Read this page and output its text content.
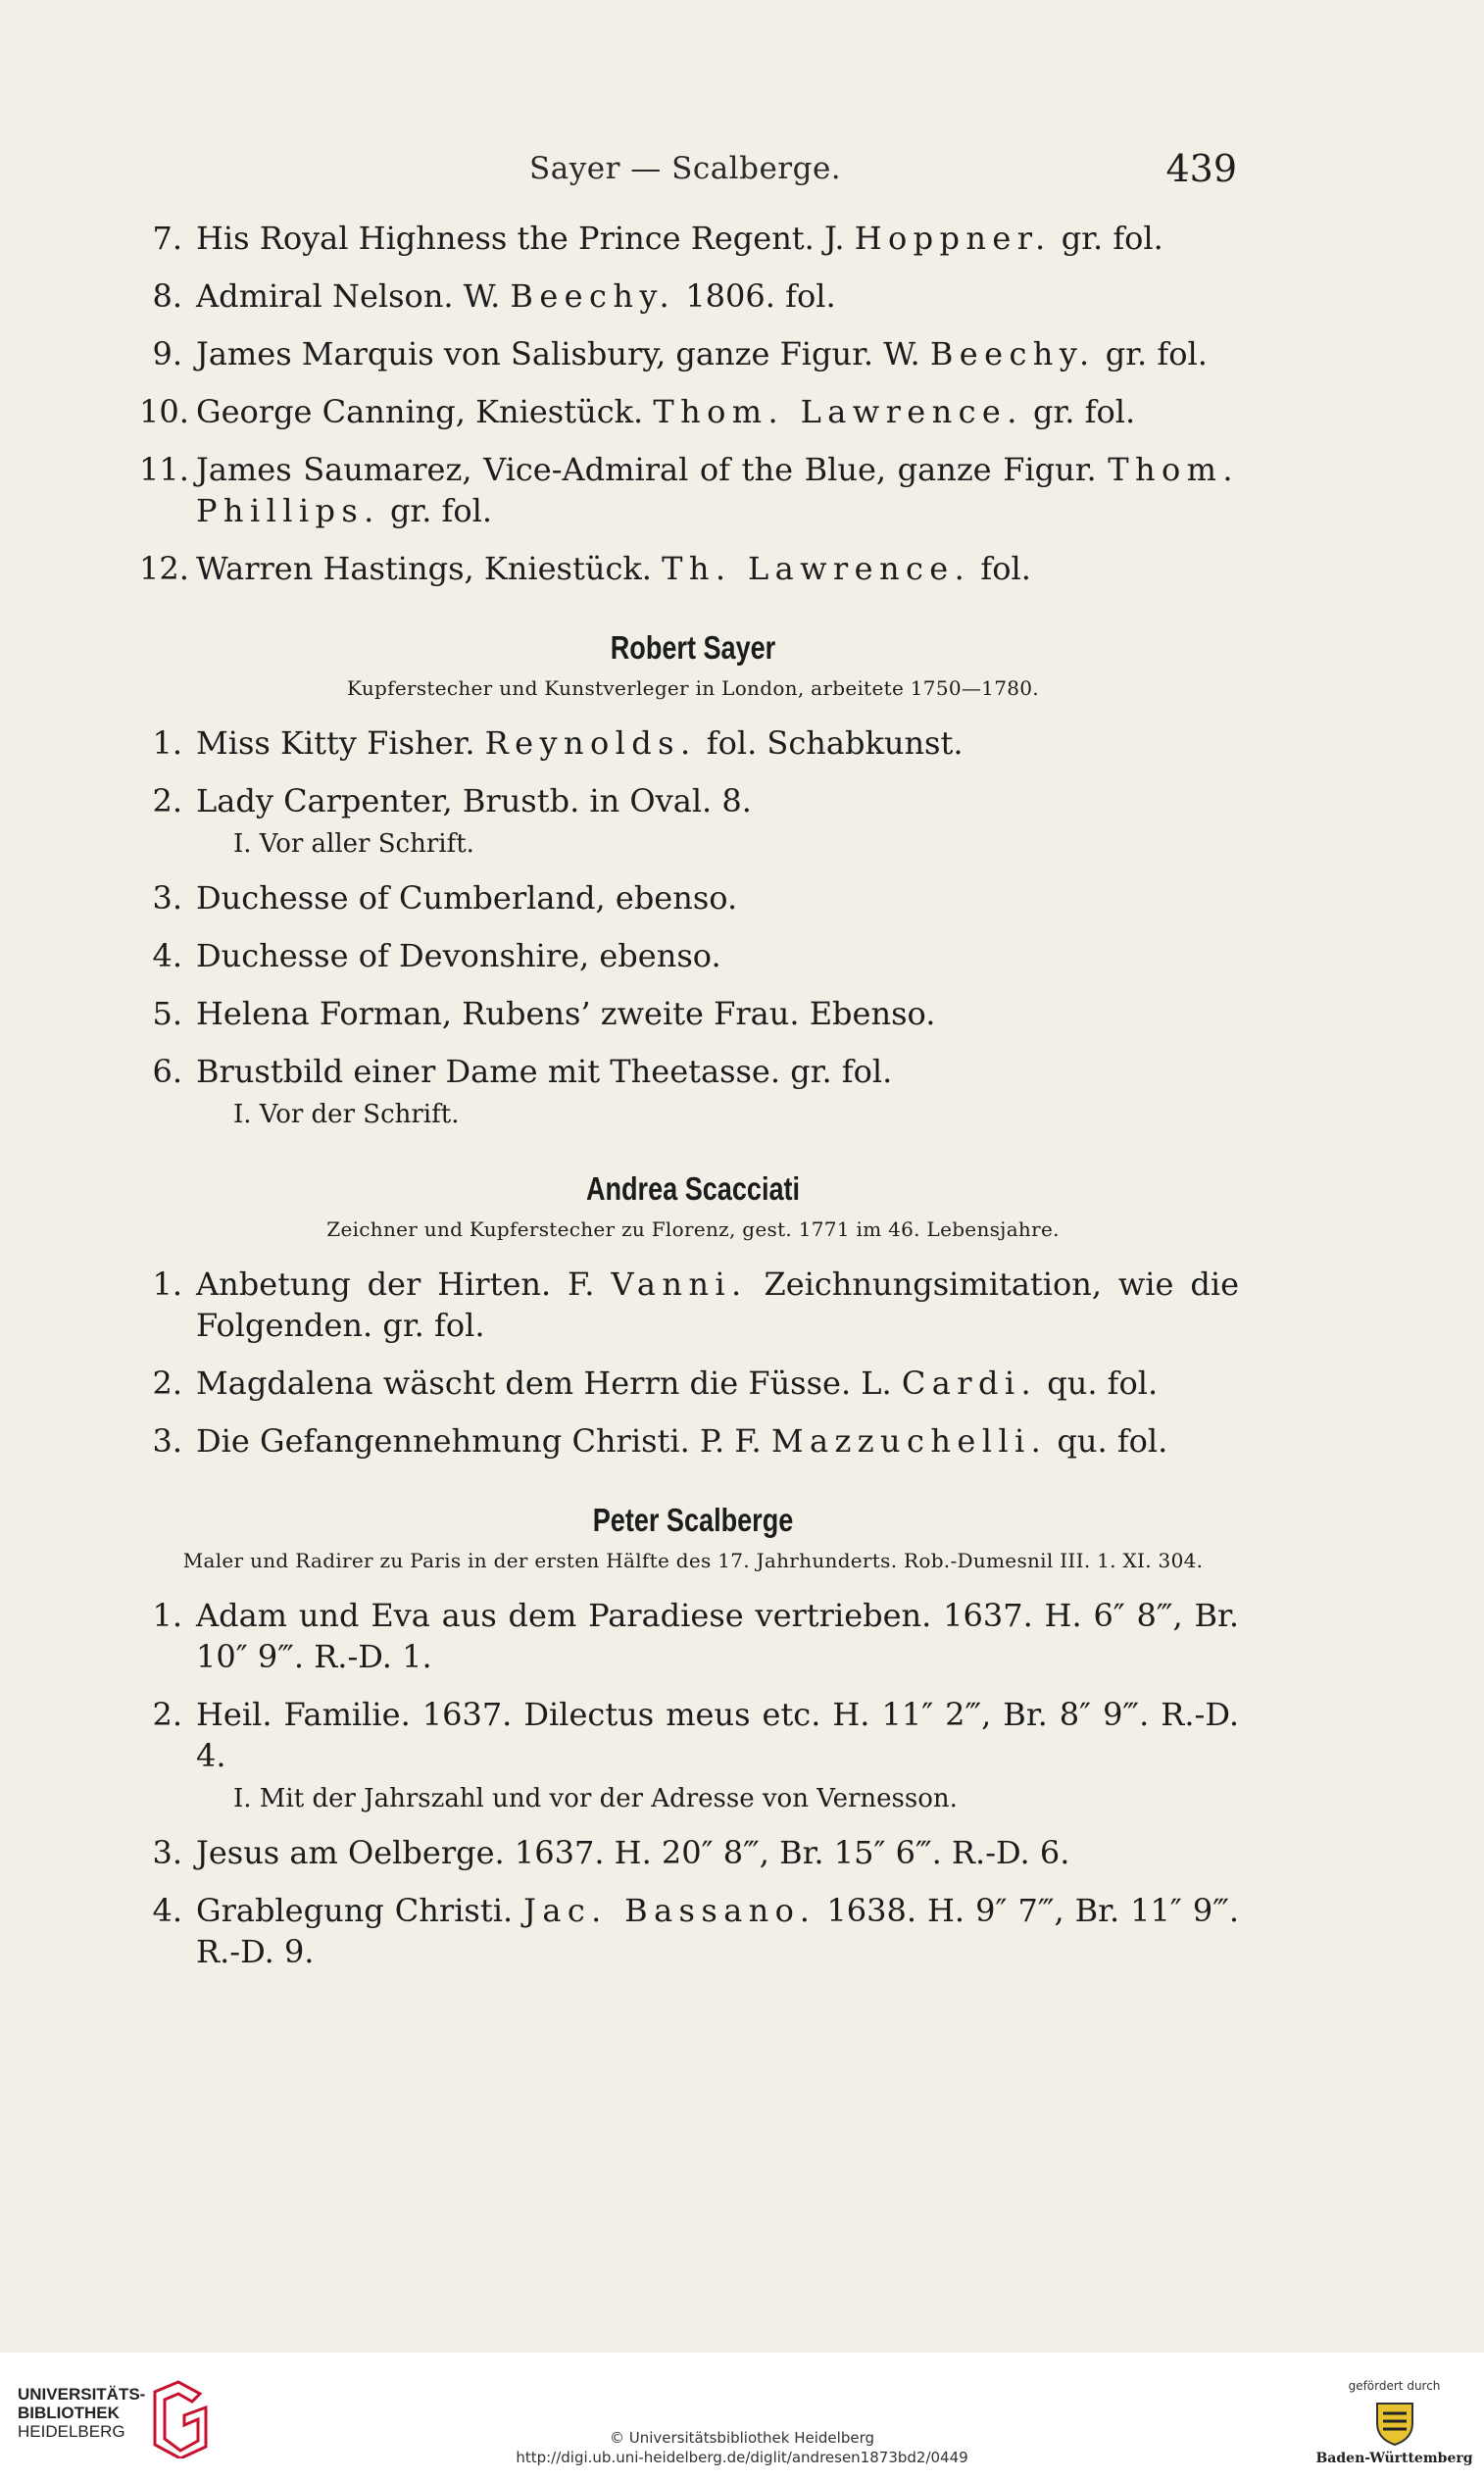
Sayer — Scalberge.	439
7. His Royal Highness the Prince Regent. J. Hoppner. gr. fol.
8. Admiral Nelson. W. Beechy. 1806. fol.
9. James Marquis von Salisbury, ganze Figur. W. Beechy. gr. fol.
10. George Canning, Kniestück. Thom. Lawrence. gr. fol.
11. James Saumarez, Vice-Admiral of the Blue, ganze Figur. Thom. Phillips. gr. fol.
12. Warren Hastings, Kniestück. Th. Lawrence. fol.
Robert Sayer
Kupferstecher und Kunstverleger in London, arbeitete 1750—1780.
1. Miss Kitty Fisher. Reynolds. fol. Schabkunst.
2. Lady Carpenter, Brustb. in Oval. 8.
I. Vor aller Schrift.
3. Duchesse of Cumberland, ebenso.
4. Duchesse of Devonshire, ebenso.
5. Helena Forman, Rubens’ zweite Frau. Ebenso.
6. Brustbild einer Dame mit Theetasse. gr. fol.
I. Vor der Schrift.
Andrea Scacciati
Zeichner und Kupferstecher zu Florenz, gest. 1771 im 46. Lebensjahre.
1. Anbetung der Hirten. F. Vanni. Zeichnungsimitation, wie die Folgenden. gr. fol.
2. Magdalena wäscht dem Herrn die Füsse. L. Cardi. qu. fol.
3. Die Gefangennehmung Christi. P. F. Mazzuchelli. qu. fol.
Peter Scalberge
Maler und Radirer zu Paris in der ersten Hälfte des 17. Jahrhunderts. Rob.-Dumesnil III. 1. XI. 304.
1. Adam und Eva aus dem Paradiese vertrieben. 1637. H. 6″ 8‴, Br. 10″ 9‴. R.-D. 1.
2. Heil. Familie. 1637. Dilectus meus etc. H. 11″ 2‴, Br. 8″ 9‴. R.-D. 4.
I. Mit der Jahrszahl und vor der Adresse von Vernesson.
3. Jesus am Oelberge. 1637. H. 20″ 8‴, Br. 15″ 6‴. R.-D. 6.
4. Grablegung Christi. Jac. Bassano. 1638. H. 9″ 7‴, Br. 11″ 9‴. R.-D. 9.
UNIVERSITÄTS-
BIBLIOTHEK
HEIDELBERG	© Universitätsbibliothek Heidelberg
http://digi.ub.uni-heidelberg.de/diglit/andresen1873bd2/0449
gefördert durch
Baden-Württemberg
